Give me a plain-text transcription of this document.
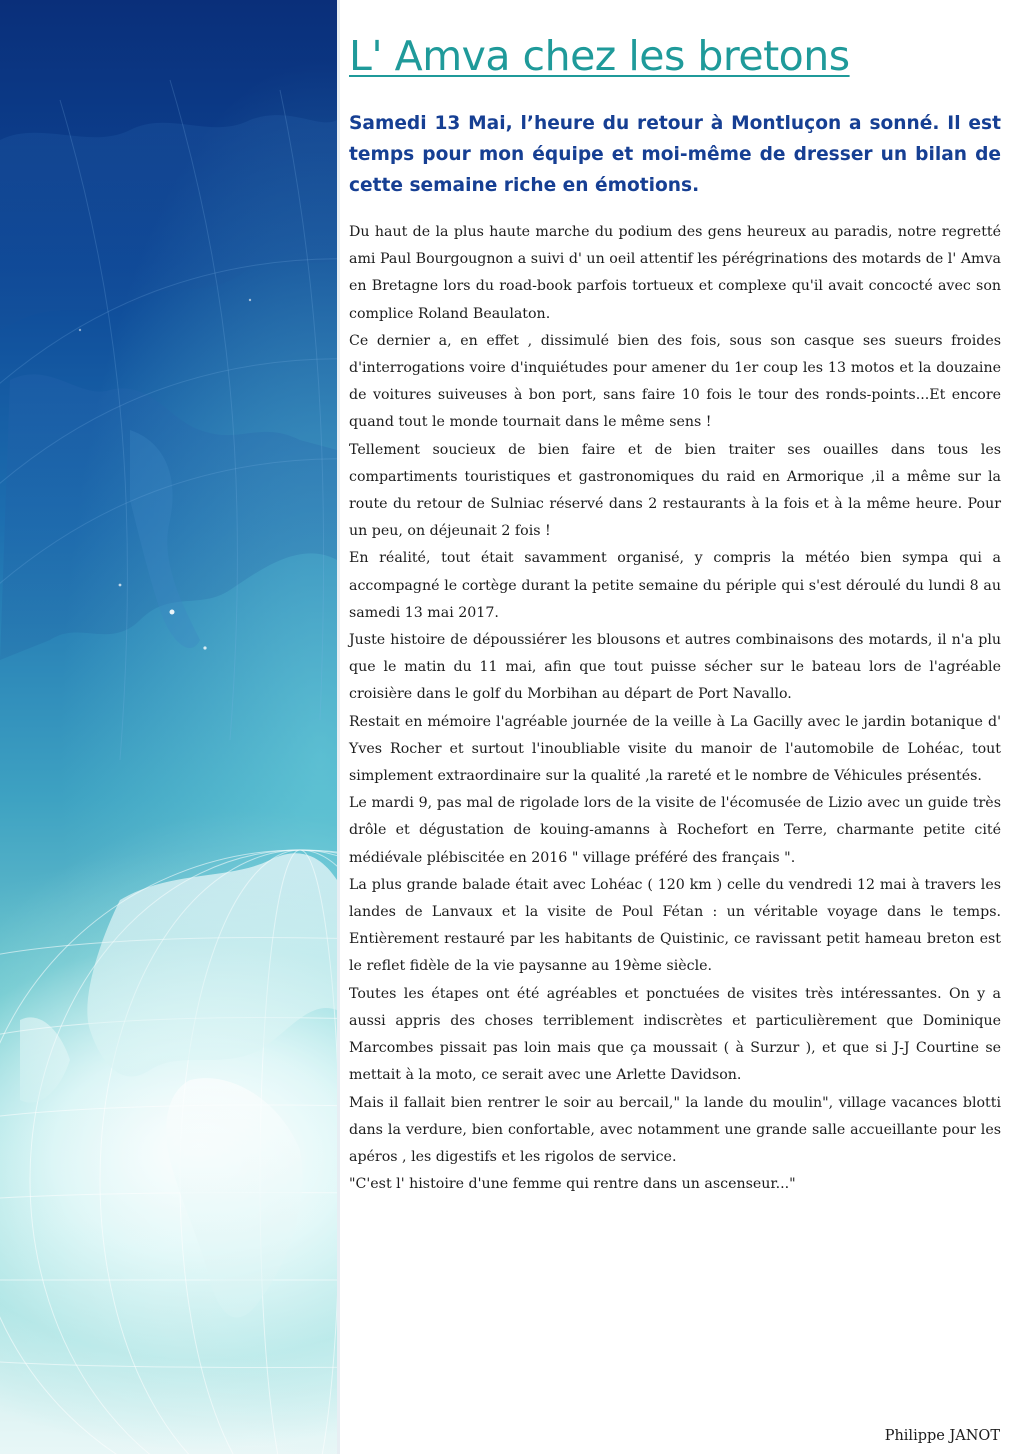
L' Amva chez les bretons

Samedi 13 Mai, l’heure du retour à Montluçon a sonné. Il est temps pour mon équipe et moi-même de dresser un bilan de cette semaine riche en émotions.

Du haut de la plus haute marche du podium des gens heureux au paradis, notre regretté ami Paul Bourgougnon a suivi d' un oeil attentif les pérégrinations des motards de l' Amva en Bretagne lors du road-book parfois tortueux et complexe qu'il avait concocté avec son complice Roland Beaulaton.

Ce dernier a, en effet , dissimulé bien des fois, sous son casque ses sueurs froides d'interrogations voire d'inquiétudes pour amener du 1er coup les 13 motos et la douzaine de voitures suiveuses à bon port, sans faire 10 fois le tour des ronds-points...Et encore quand tout le monde tournait dans le même sens !

Tellement soucieux de bien faire et de bien traiter ses ouailles dans tous les compartiments touristiques et gastronomiques du raid en Armorique ,il a même sur la route du retour de Sulniac réservé dans 2 restaurants à la fois et à la même heure. Pour un peu, on déjeunait 2 fois !

En réalité, tout était savamment organisé, y compris la météo bien sympa qui a accompagné le cortège durant la petite semaine du périple qui s'est déroulé du lundi 8 au samedi 13 mai 2017.

Juste histoire de dépoussiérer les blousons et autres combinaisons des motards, il n'a plu que le matin du 11 mai, afin que tout puisse sécher sur le bateau lors de l'agréable croisière dans le golf du Morbihan au départ de Port Navallo.

Restait en mémoire l'agréable journée de la veille à La Gacilly avec le jardin botanique d' Yves Rocher et surtout l'inoubliable visite du manoir de l'automobile de Lohéac, tout simplement extraordinaire sur la qualité ,la rareté et le nombre de Véhicules présentés.

Le mardi 9, pas mal de rigolade lors de la visite de l'écomusée de Lizio avec un guide très drôle et dégustation de kouing-amanns à Rochefort en Terre, charmante petite cité médiévale plébiscitée en 2016 " village préféré des français ".

La plus grande balade était avec Lohéac ( 120 km ) celle du vendredi 12 mai à travers les landes de Lanvaux et la visite de Poul Fétan : un véritable voyage dans le temps. Entièrement restauré par les habitants de Quistinic, ce ravissant petit hameau breton est le reflet fidèle de la vie paysanne au 19ème siècle.

Toutes les étapes ont été agréables et ponctuées de visites très intéressantes. On y a aussi appris des choses terriblement indiscrètes et particulièrement que Dominique Marcombes pissait pas loin mais que ça moussait ( à Surzur ), et que si J-J Courtine se mettait à la moto, ce serait avec une Arlette Davidson.

Mais il fallait bien rentrer le soir au bercail," la lande du moulin", village vacances blotti dans la verdure, bien confortable, avec notamment une grande salle accueillante pour les apéros , les digestifs et les rigolos de service.

"C'est l' histoire d'une femme qui rentre dans un ascenseur..."

Philippe JANOT
